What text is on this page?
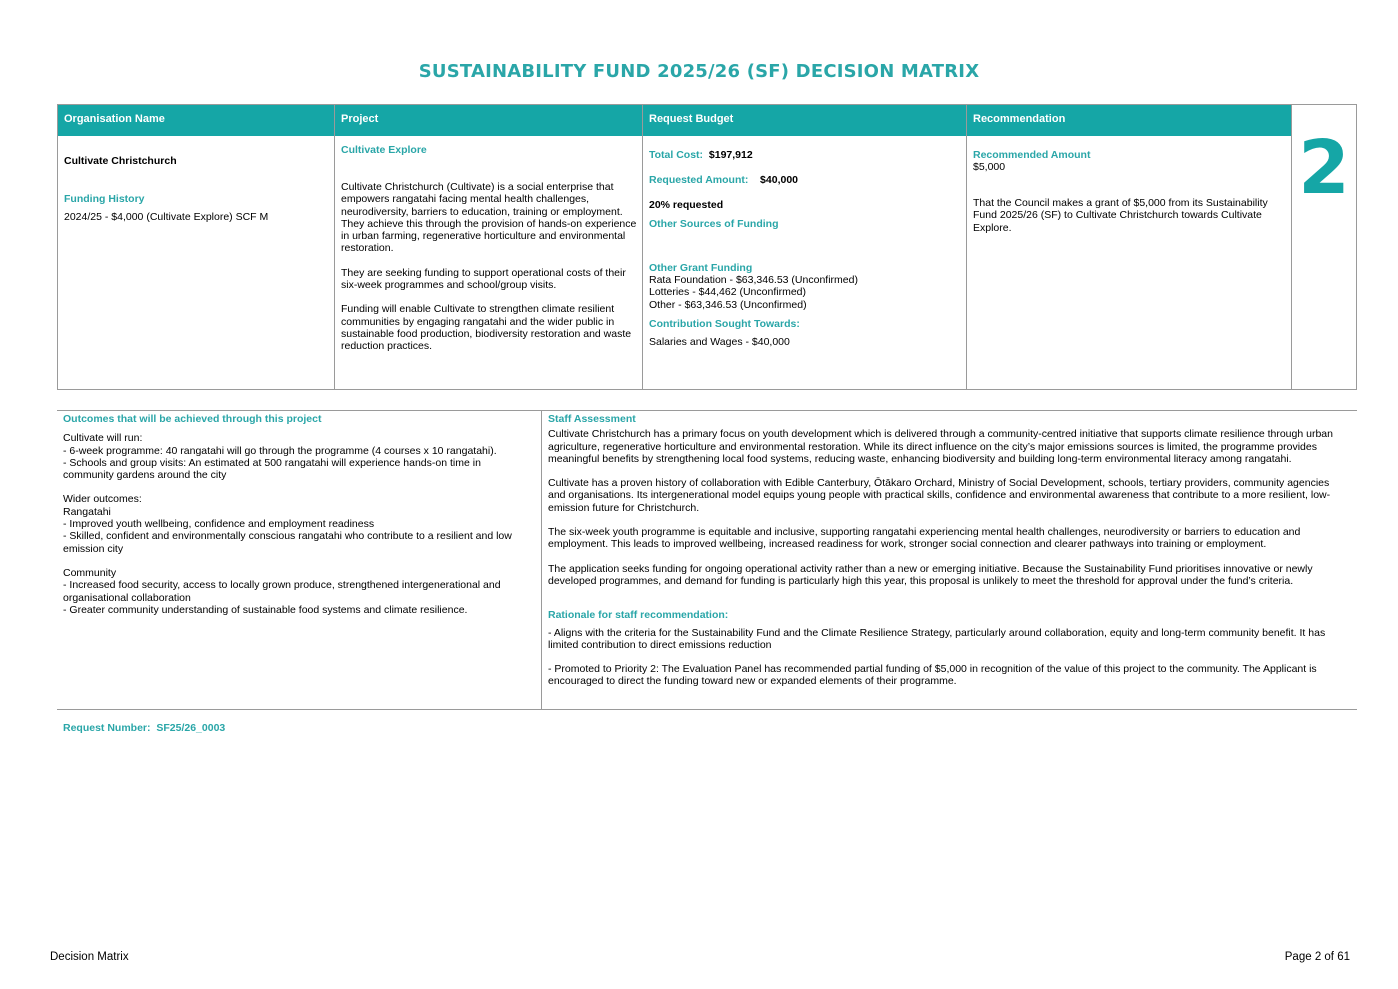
SUSTAINABILITY FUND 2025/26 (SF) DECISION MATRIX
Organisation Name
Cultivate Christchurch
Funding History
2024/25 - $4,000 (Cultivate Explore) SCF M
Project
Cultivate Explore

Cultivate Christchurch (Cultivate) is a social enterprise that empowers rangatahi facing mental health challenges, neurodiversity, barriers to education, training or employment. They achieve this through the provision of hands-on experience in urban farming, regenerative horticulture and environmental restoration.

They are seeking funding to support operational costs of their six-week programmes and school/group visits.

Funding will enable Cultivate to strengthen climate resilient communities by engaging rangatahi and the wider public in sustainable food production, biodiversity restoration and waste reduction practices.

Request Budget
Total Cost: $197,912
Requested Amount: $40,000
20% requested
Other Sources of Funding
Other Grant Funding
Rata Foundation - $63,346.53 (Unconfirmed)
Lotteries - $44,462 (Unconfirmed)
Other - $63,346.53 (Unconfirmed)
Contribution Sought Towards:
Salaries and Wages - $40,000
Recommendation
Recommended Amount
$5,000
That the Council makes a grant of $5,000 from its Sustainability Fund 2025/26 (SF) to Cultivate Christchurch towards Cultivate Explore.
2
Outcomes that will be achieved through this project

Cultivate will run:

- 6-week programme: 40 rangatahi will go through the programme (4 courses x 10 rangatahi).

- Schools and group visits: An estimated at 500 rangatahi will experience hands-on time in community gardens around the city

Wider outcomes:

Rangatahi

- Improved youth wellbeing, confidence and employment readiness

- Skilled, confident and environmentally conscious rangatahi who contribute to a resilient and low emission city

Community

- Increased food security, access to locally grown produce, strengthened intergenerational and organisational collaboration

- Greater community understanding of sustainable food systems and climate resilience.

Staff Assessment

Cultivate Christchurch has a primary focus on youth development which is delivered through a community-centred initiative that supports climate resilience through urban agriculture, regenerative horticulture and environmental restoration. While its direct influence on the city’s major emissions sources is limited, the programme provides meaningful benefits by strengthening local food systems, reducing waste, enhancing biodiversity and building long-term environmental literacy among rangatahi.

Cultivate has a proven history of collaboration with Edible Canterbury, Ōtākaro Orchard, Ministry of Social Development, schools, tertiary providers, community agencies and organisations. Its intergenerational model equips young people with practical skills, confidence and environmental awareness that contribute to a more resilient, low-emission future for Christchurch.

The six-week youth programme is equitable and inclusive, supporting rangatahi experiencing mental health challenges, neurodiversity or barriers to education and employment. This leads to improved wellbeing, increased readiness for work, stronger social connection and clearer pathways into training or employment.

The application seeks funding for ongoing operational activity rather than a new or emerging initiative. Because the Sustainability Fund prioritises innovative or newly developed programmes, and demand for funding is particularly high this year, this proposal is unlikely to meet the threshold for approval under the fund’s criteria.

Rationale for staff recommendation:

- Aligns with the criteria for the Sustainability Fund and the Climate Resilience Strategy, particularly around collaboration, equity and long-term community benefit. It has limited contribution to direct emissions reduction

- Promoted to Priority 2: The Evaluation Panel has recommended partial funding of $5,000 in recognition of the value of this project to the community. The Applicant is encouraged to direct the funding toward new or expanded elements of their programme.

Request Number: SF25/26_0003
Decision Matrix	Page 2 of 61
